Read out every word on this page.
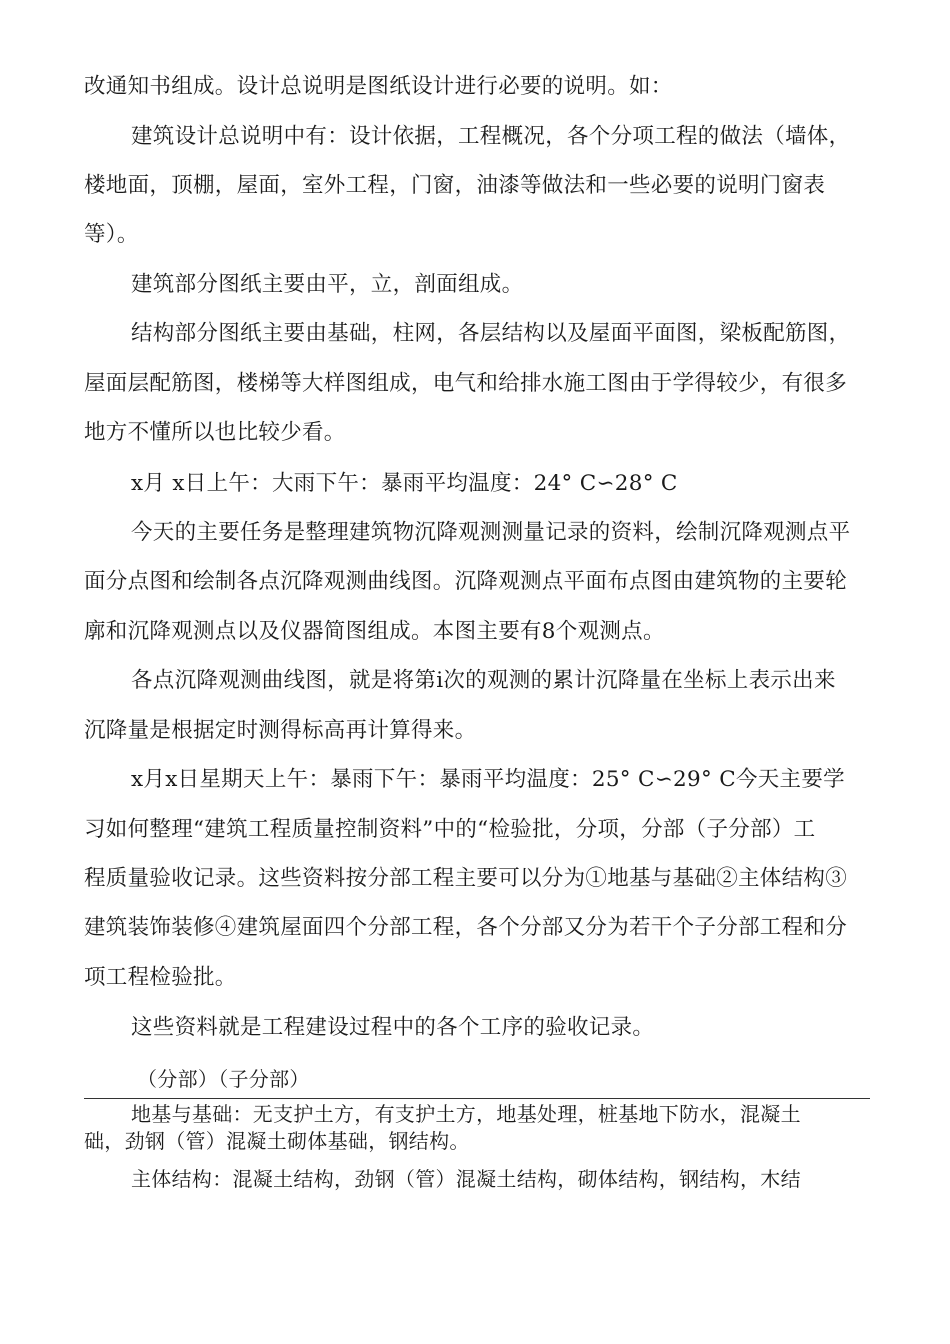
改通知书组成。设计总说明是图纸设计进行必要的说明。如：
建筑设计总说明中有：设计依据，工程概况，各个分项工程的做法（墙体，
楼地面，顶棚，屋面，室外工程，门窗，油漆等做法和一些必要的说明门窗表
等）。
建筑部分图纸主要由平，立，剖面组成。
结构部分图纸主要由基础，柱网，各层结构以及屋面平面图，梁板配筋图，
屋面层配筋图，楼梯等大样图组成，电气和给排水施工图由于学得较少，有很多
地方不懂所以也比较少看。
x月 x日上午：大雨下午：暴雨平均温度：24° C∽28° C
今天的主要任务是整理建筑物沉降观测测量记录的资料，绘制沉降观测点平
面分点图和绘制各点沉降观测曲线图。沉降观测点平面布点图由建筑物的主要轮
廓和沉降观测点以及仪器简图组成。本图主要有8个观测点。
各点沉降观测曲线图，就是将第i次的观测的累计沉降量在坐标上表示出来
沉降量是根据定时测得标高再计算得来。
x月x日星期天上午：暴雨下午：暴雨平均温度：25° C∽29° C今天主要学
习如何整理“建筑工程质量控制资料”中的“检验批，分项，分部（子分部）工
程质量验收记录。这些资料按分部工程主要可以分为①地基与基础②主体结构③
建筑装饰装修④建筑屋面四个分部工程，各个分部又分为若干个子分部工程和分
项工程检验批。
这些资料就是工程建设过程中的各个工序的验收记录。
（分部）（子分部）
地基与基础：无支护土方，有支护土方，地基处理，桩基地下防水，混凝土
础，劲钢（管）混凝土砌体基础，钢结构。
主体结构：混凝土结构，劲钢（管）混凝土结构，砌体结构，钢结构，木结
